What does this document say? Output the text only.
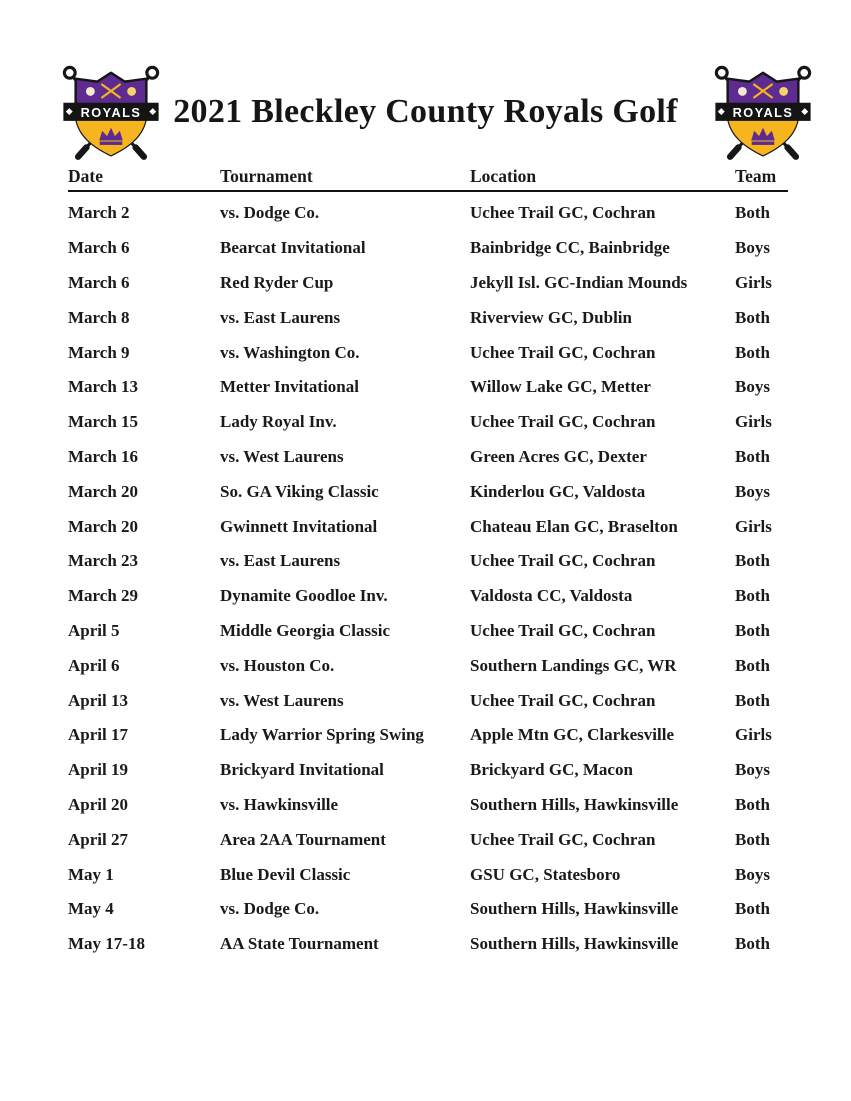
ROYALS 2021 Bleckley County Royals Golf	ROYALS
Date	Tournament	Location	Team
March 2	vs. Dodge Co.	Uchee Trail GC, Cochran	Both
March 6	Bearcat Invitational	Bainbridge CC, Bainbridge	Boys
March 6	Red Ryder Cup	Jekyll Isl. GC-Indian Mounds	Girls
March 8	vs. East Laurens	Riverview GC, Dublin	Both
March 9	vs. Washington Co.	Uchee Trail GC, Cochran	Both
March 13	Metter Invitational	Willow Lake GC, Metter	Boys
March 15	Lady Royal Inv.	Uchee Trail GC, Cochran	Girls
March 16	vs. West Laurens	Green Acres GC, Dexter	Both
March 20	So. GA Viking Classic	Kinderlou GC, Valdosta	Boys
March 20	Gwinnett Invitational	Chateau Elan GC, Braselton	Girls
March 23	vs. East Laurens	Uchee Trail GC, Cochran	Both
March 29	Dynamite Goodloe Inv.	Valdosta CC, Valdosta	Both
April 5	Middle Georgia Classic	Uchee Trail GC, Cochran	Both
April 6	vs. Houston Co.	Southern Landings GC, WR	Both
April 13	vs. West Laurens	Uchee Trail GC, Cochran	Both
April 17	Lady Warrior Spring Swing	Apple Mtn GC, Clarkesville	Girls
April 19	Brickyard Invitational	Brickyard GC, Macon	Boys
April 20	vs. Hawkinsville	Southern Hills, Hawkinsville	Both
April 27	Area 2AA Tournament	Uchee Trail GC, Cochran	Both
May 1	Blue Devil Classic	GSU GC, Statesboro	Boys
May 4	vs. Dodge Co.	Southern Hills, Hawkinsville	Both
May 17-18	AA State Tournament	Southern Hills, Hawkinsville	Both
